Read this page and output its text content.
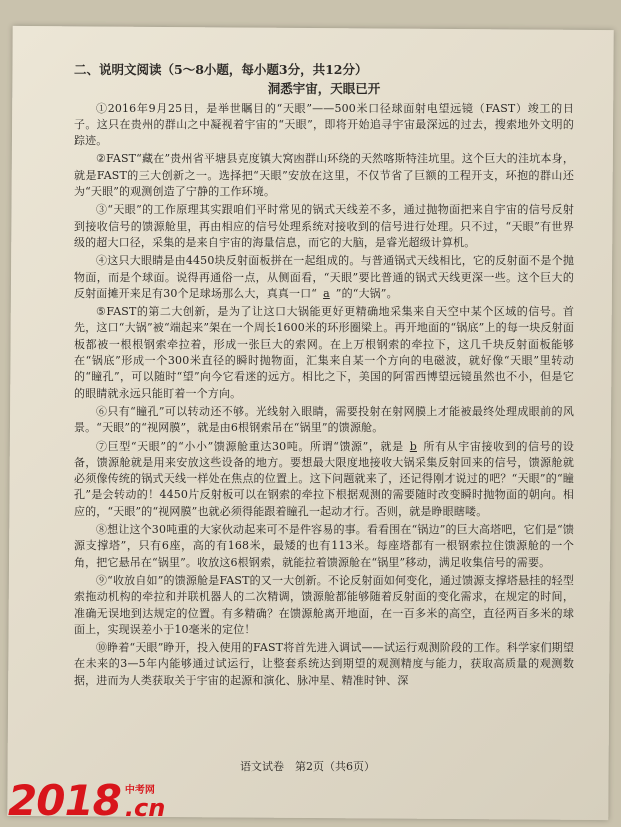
二、说明文阅读（5～8小题，每小题3分，共12分）
洞悉宇宙，天眼已开

①2016年9月25日，是举世瞩目的“天眼”——500米口径球面射电望远镜（FAST）竣工的日子。这只在贵州的群山之中凝视着宇宙的“天眼”，即将开始追寻宇宙最深远的过去，搜索地外文明的踪迹。

②FAST“藏在”贵州省平塘县克度镇大窝凼群山环绕的天然喀斯特洼坑里。这个巨大的洼坑本身，就是FAST的三大创新之一。选择把“天眼”安放在这里，不仅节省了巨额的工程开支，环抱的群山还为“天眼”的观测创造了宁静的工作环境。

③“天眼”的工作原理其实跟咱们平时常见的锅式天线差不多，通过抛物面把来自宇宙的信号反射到接收信号的馈源舱里，再由相应的信号处理系统对接收到的信号进行处理。只不过，“天眼”有世界级的超大口径，采集的是来自宇宙的海量信息，而它的大脑，是睿光超级计算机。

④这只大眼睛是由4450块反射面板拼在一起组成的。与普通锅式天线相比，它的反射面不是个抛物面，而是个球面。说得再通俗一点，从侧面看，“天眼”要比普通的锅式天线更深一些。这个巨大的反射面摊开来足有30个足球场那么大，真真一口“ a ”的“大锅”。

⑤FAST的第二大创新，是为了让这口大锅能更好更精确地采集来自天空中某个区域的信号。首先，这口“大锅”被“端起来”架在一个周长1600米的环形圈梁上。再开地面的“锅底”上的每一块反射面板都被一根根钢索牵拉着，形成一张巨大的索网。在上万根钢索的牵拉下，这几千块反射面板能够在“锅底”形成一个300米直径的瞬时抛物面，汇集来自某一个方向的电磁波，就好像“天眼”里转动的“瞳孔”，可以随时“望”向今它看迷的远方。相比之下，美国的阿雷西博望远镜虽然也不小，但是它的眼睛就永远只能盯着一个方向。

⑥只有“瞳孔”可以转动还不够。光线射入眼睛，需要投射在射网膜上才能被最终处理成眼前的风景。“天眼”的“视网膜”，就是由6根钢索吊在“锅里”的馈源舱。

⑦巨型“天眼”的“小小”馈源舱重达30吨。所谓“馈源”，就是 b 所有从宇宙接收到的信号的设备，馈源舱就是用来安放这些设备的地方。要想最大限度地接收大锅采集反射回来的信号，馈源舱就必须像传统的锅式天线一样处在焦点的位置上。这下问题就来了，还记得刚才说过的吧？“天眼”的“瞳孔”是会转动的！4450片反射板可以在钢索的牵拉下根据观测的需要随时改变瞬时抛物面的朝向。相应的，“天眼”的“视网膜”也就必须得能跟着瞳孔一起动才行。否则，就是睁眼瞎喽。

⑧想让这个30吨重的大家伙动起来可不是件容易的事。看看围在“锅边”的巨大高塔吧，它们是“馈源支撑塔”，只有6座，高的有168米，最矮的也有113米。每座塔都有一根钢索拉住馈源舱的一个角，把它悬吊在“锅里”。收放这6根钢索，就能拉着馈源舱在“锅里”移动，满足收集信号的需要。

⑨“收放自如”的馈源舱是FAST的又一大创新。不论反射面如何变化，通过馈源支撑塔悬挂的轻型索拖动机构的牵拉和并联机器人的二次精调，馈源舱都能够随着反射面的变化需求，在规定的时间，准确无误地到达规定的位置。有多精确？在馈源舱离开地面，在一百多米的高空，直径两百多米的球面上，实现误差小于10毫米的定位！

⑩睁着“天眼”睁开，投入使用的FAST将首先进入调试——试运行观测阶段的工作。科学家们期望在未来的3—5年内能够通过试运行，让整套系统达到期望的观测精度与能力，获取高质量的观测数据，进而为人类获取关于宇宙的起源和演化、脉冲星、精准时钟、深

语文试卷　第2页（共6页）
2018 中考网
.cn
